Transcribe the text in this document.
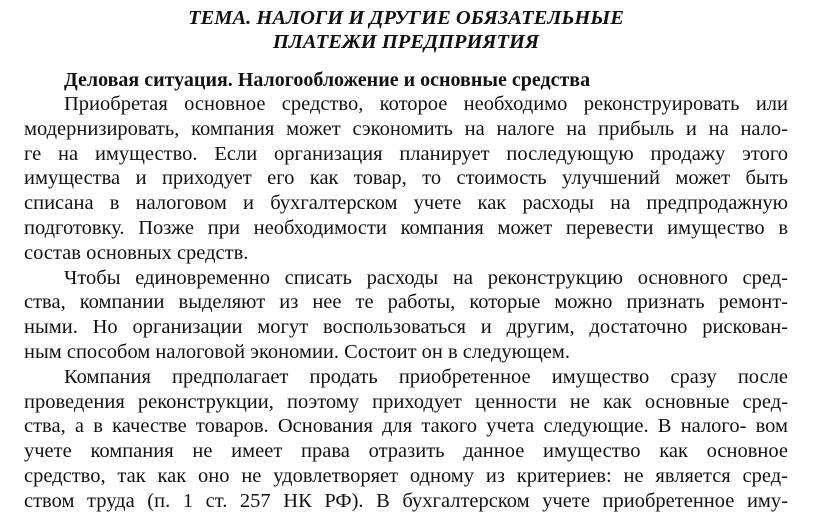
ТЕМА. НАЛОГИ И ДРУГИЕ ОБЯЗАТЕЛЬНЫЕ

ПЛАТЕЖИ ПРЕДПРИЯТИЯ

Деловая ситуация. Налогообложение и основные средства

Приобретая основное средство, которое необходимо реконструировать или
модернизировать, компания может сэкономить на налоге на прибыль и на нало-
ге на имущество. Если организация планирует последующую продажу этого
имущества и приходует его как товар, то стоимость улучшений может быть
списана в налоговом и бухгалтерском учете как расходы на предпродажную
подготовку. Позже при необходимости компания может перевести имущество в
состав основных средств.
Чтобы единовременно списать расходы на реконструкцию основного сред-
ства, компании выделяют из нее те работы, которые можно признать ремонт-
ными. Но организации могут воспользоваться и другим, достаточно рискован-
ным способом налоговой экономии. Состоит он в следующем.
Компания предполагает продать приобретенное имущество сразу после
проведения реконструкции, поэтому приходует ценности не как основные сред-
ства, а в качестве товаров. Основания для такого учета следующие. В налого- вом
учете компания не имеет права отразить данное имущество как основное
средство, так как оно не удовлетворяет одному из критериев: не является сред-
ством труда (п. 1 ст. 257 НК РФ). В бухгалтерском учете приобретенное иму-
